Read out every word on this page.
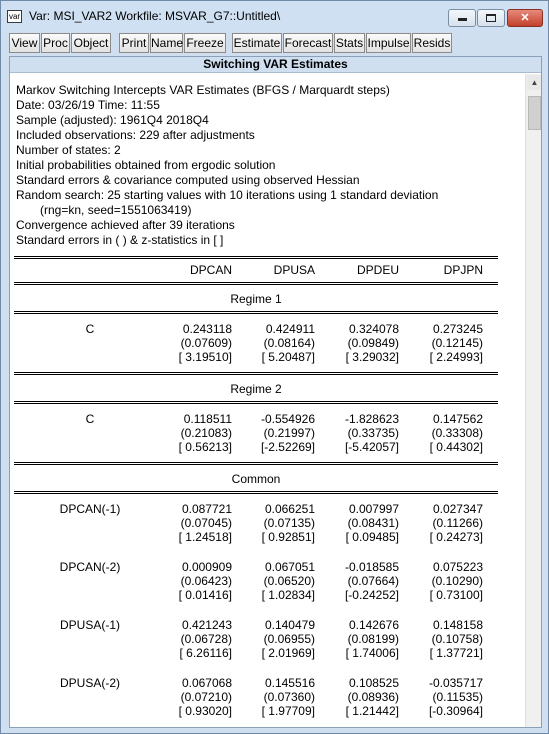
var Var: MSI_VAR2 Workfile: MSVAR_G7::Untitled\	✕
View Proc Object Print Name Freeze Estimate Forecast Stats Impulse Resids
Switching VAR Estimates
Markov Switching Intercepts VAR Estimates (BFGS / Marquardt steps)
Date: 03/26/19 Time: 11:55
Sample (adjusted): 1961Q4 2018Q4
Included observations: 229 after adjustments
Number of states: 2
Initial probabilities obtained from ergodic solution
Standard errors & covariance computed using observed Hessian
Random search: 25 starting values with 10 iterations using 1 standard deviation
(rng=kn, seed=1551063419)
Convergence achieved after 39 iterations
Standard errors in ( ) & z-statistics in [ ]
DPCAN	DPUSA	DPDEU	DPJPN
Regime 1
C	0.243118	0.424911	0.324078	0.273245
(0.07609)	(0.08164)	(0.09849)	(0.12145)
[ 3.19510] [ 5.20487]	[ 3.29032]	[ 2.24993]
Regime 2
C	0.118511 -0.554926 -1.828623	0.147562
(0.21083)	(0.21997)	(0.33735)	(0.33308)
[ 0.56213] [-2.52269] [-5.42057]	[ 0.44302]
Common
DPCAN(-1)	0.087721	0.066251	0.007997	0.027347
(0.07045)	(0.07135)	(0.08431)	(0.11266)
[ 1.24518] [ 0.92851]	[ 0.09485]	[ 0.24273]
DPCAN(-2)	0.000909	0.067051 -0.018585	0.075223
(0.06423)	(0.06520)	(0.07664)	(0.10290)
[ 0.01416] [ 1.02834] [-0.24252]	[ 0.73100]
DPUSA(-1)	0.421243	0.140479	0.142676	0.148158
(0.06728)	(0.06955)	(0.08199)	(0.10758)
[ 6.26116] [ 2.01969]	[ 1.74006]	[ 1.37721]
DPUSA(-2)	0.067068	0.145516	0.108525 -0.035717
(0.07210)	(0.07360)	(0.08936)	(0.11535)
[ 0.93020] [ 1.97709]	[ 1.21442] [-0.30964]
▲
